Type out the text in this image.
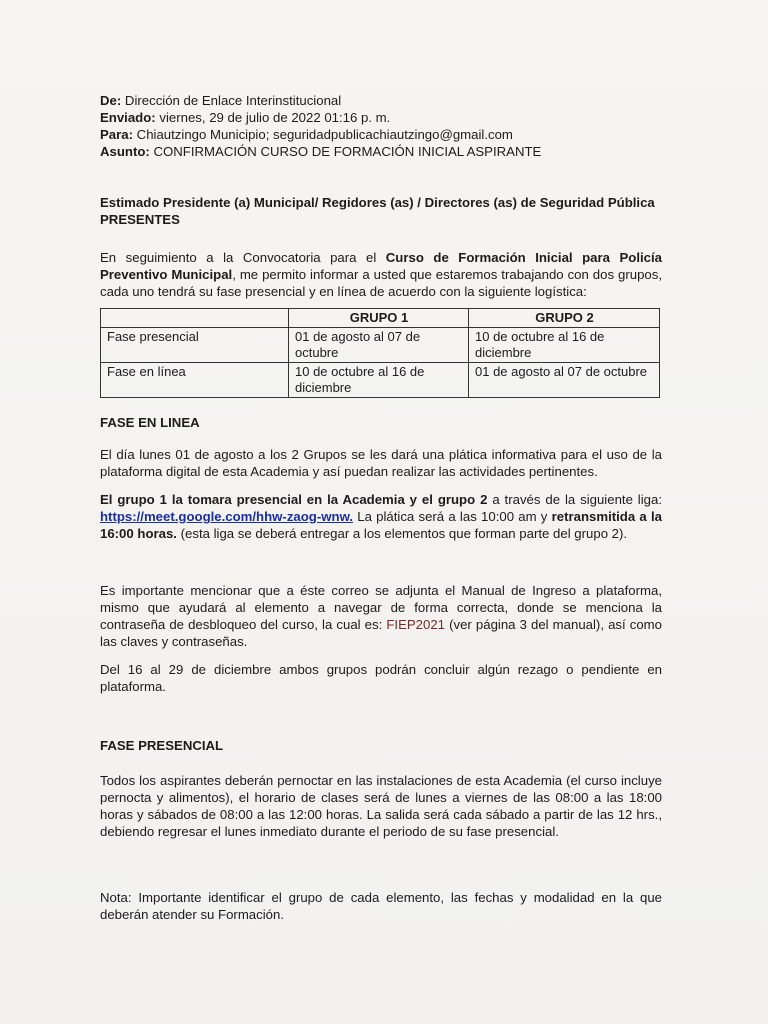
De: Dirección de Enlace Interinstitucional

Enviado: viernes, 29 de julio de 2022 01:16 p. m.

Para: Chiautzingo Municipio; seguridadpublicachiautzingo@gmail.com

Asunto: CONFIRMACIÓN CURSO DE FORMACIÓN INICIAL ASPIRANTE

Estimado Presidente (a) Municipal/ Regidores (as) / Directores (as) de Seguridad Pública

PRESENTES

En seguimiento a la Convocatoria para el Curso de Formación Inicial para Policía Preventivo Municipal, me permito informar a usted que estaremos trabajando con dos grupos, cada uno tendrá su fase presencial y en línea de acuerdo con la siguiente logística:

	GRUPO 1	GRUPO 2
Fase presencial	01 de agosto al 07 de octubre	10 de octubre al 16 de diciembre
Fase en línea	10 de octubre al 16 de diciembre	01 de agosto al 07 de octubre

FASE EN LINEA

El día lunes 01 de agosto a los 2 Grupos se les dará una plática informativa para el uso de la plataforma digital de esta Academia y así puedan realizar las actividades pertinentes.

El grupo 1 la tomara presencial en la Academia y el grupo 2 a través de la siguiente liga: https://meet.google.com/hhw-zaog-wnw. La plática será a las 10:00 am y retransmitida a la 16:00 horas. (esta liga se deberá entregar a los elementos que forman parte del grupo 2).

Es importante mencionar que a éste correo se adjunta el Manual de Ingreso a plataforma, mismo que ayudará al elemento a navegar de forma correcta, donde se menciona la contraseña de desbloqueo del curso, la cual es: FIEP2021 (ver página 3 del manual), así como las claves y contraseñas.

Del 16 al 29 de diciembre ambos grupos podrán concluir algún rezago o pendiente en plataforma.

FASE PRESENCIAL

Todos los aspirantes deberán pernoctar en las instalaciones de esta Academia (el curso incluye pernocta y alimentos), el horario de clases será de lunes a viernes de las 08:00 a las 18:00 horas y sábados de 08:00 a las 12:00 horas. La salida será cada sábado a partir de las 12 hrs., debiendo regresar el lunes inmediato durante el periodo de su fase presencial.

Nota: Importante identificar el grupo de cada elemento, las fechas y modalidad en la que deberán atender su Formación.
